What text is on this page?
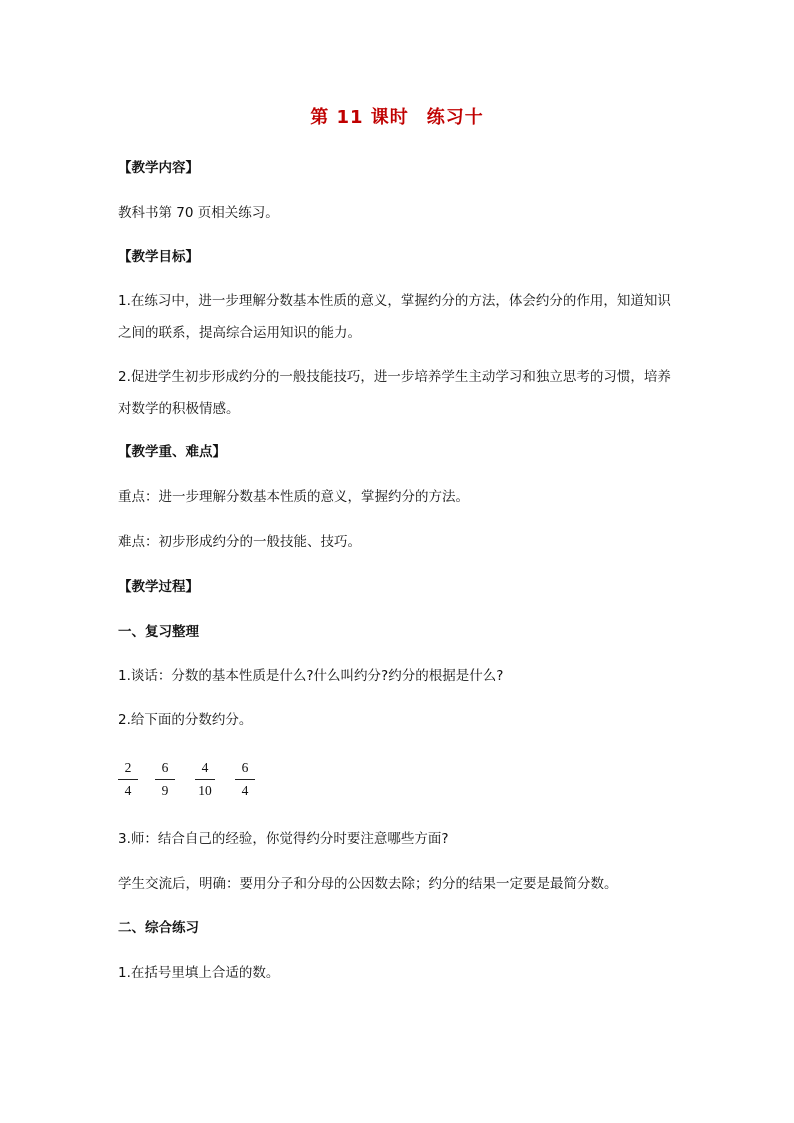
第 11 课时 练习十
【教学内容】
教科书第 70 页相关练习。
【教学目标】
1.在练习中，进一步理解分数基本性质的意义，掌握约分的方法，体会约分的作用，知道知识之间的联系，提高综合运用知识的能力。
2.促进学生初步形成约分的一般技能技巧，进一步培养学生主动学习和独立思考的习惯，培养对数学的积极情感。
【教学重、难点】
重点：进一步理解分数基本性质的意义，掌握约分的方法。
难点：初步形成约分的一般技能、技巧。
【教学过程】
一、复习整理
1.谈话：分数的基本性质是什么?什么叫约分?约分的根据是什么?
2.给下面的分数约分。
2
4
6
9
4
10
6
4
3.师：结合自己的经验，你觉得约分时要注意哪些方面?
学生交流后，明确：要用分子和分母的公因数去除；约分的结果一定要是最简分数。
二、综合练习
1.在括号里填上合适的数。
